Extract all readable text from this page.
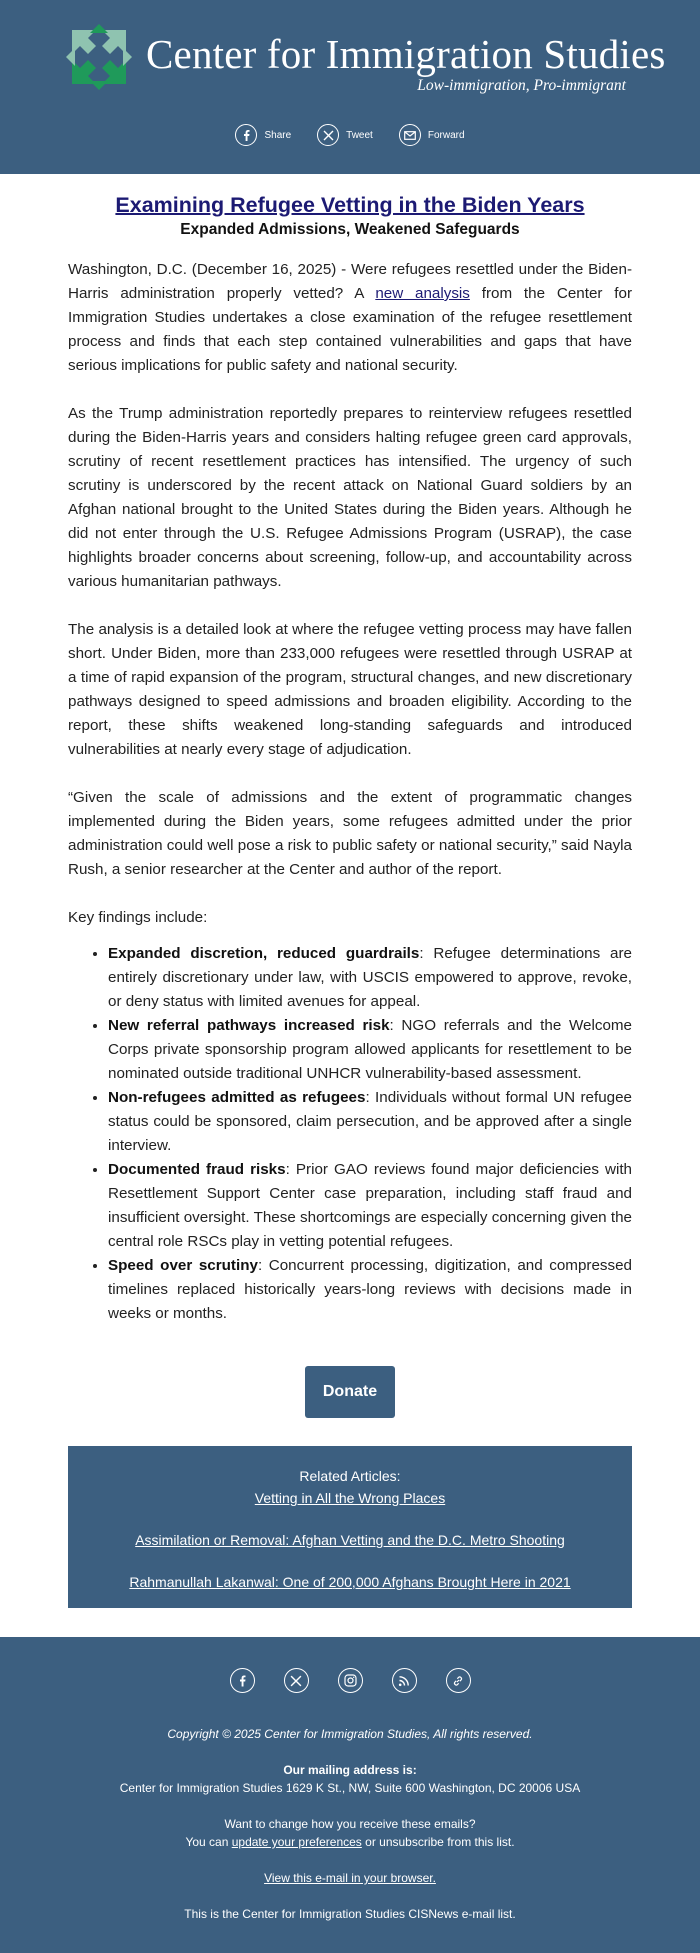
Center for Immigration Studies
Low-immigration, Pro-immigrant
Share	Tweet	Forward
Examining Refugee Vetting in the Biden Years
Expanded Admissions, Weakened Safeguards

Washington, D.C. (December 16, 2025) - Were refugees resettled under the Biden-Harris administration properly vetted? A new analysis from the Center for Immigration Studies undertakes a close examination of the refugee resettlement process and finds that each step contained vulnerabilities and gaps that have serious implications for public safety and national security.

As the Trump administration reportedly prepares to reinterview refugees resettled during the Biden-Harris years and considers halting refugee green card approvals, scrutiny of recent resettlement practices has intensified. The urgency of such scrutiny is underscored by the recent attack on National Guard soldiers by an Afghan national brought to the United States during the Biden years. Although he did not enter through the U.S. Refugee Admissions Program (USRAP), the case highlights broader concerns about screening, follow-up, and accountability across various humanitarian pathways.

The analysis is a detailed look at where the refugee vetting process may have fallen short. Under Biden, more than 233,000 refugees were resettled through USRAP at a time of rapid expansion of the program, structural changes, and new discretionary pathways designed to speed admissions and broaden eligibility. According to the report, these shifts weakened long-standing safeguards and introduced vulnerabilities at nearly every stage of adjudication.

“Given the scale of admissions and the extent of programmatic changes implemented during the Biden years, some refugees admitted under the prior administration could well pose a risk to public safety or national security,” said Nayla Rush, a senior researcher at the Center and author of the report.

Key findings include:

• Expanded discretion, reduced guardrails: Refugee determinations are entirely discretionary under law, with USCIS empowered to approve, revoke, or deny status with limited avenues for appeal.
• New referral pathways increased risk: NGO referrals and the Welcome Corps private sponsorship program allowed applicants for resettlement to be nominated outside traditional UNHCR vulnerability-based assessment.
• Non-refugees admitted as refugees: Individuals without formal UN refugee status could be sponsored, claim persecution, and be approved after a single interview.
• Documented fraud risks: Prior GAO reviews found major deficiencies with Resettlement Support Center case preparation, including staff fraud and insufficient oversight. These shortcomings are especially concerning given the central role RSCs play in vetting potential refugees.
• Speed over scrutiny: Concurrent processing, digitization, and compressed timelines replaced historically years-long reviews with decisions made in weeks or months.
Donate
Related Articles:
Vetting in All the Wrong Places
Assimilation or Removal: Afghan Vetting and the D.C. Metro Shooting
Rahmanullah Lakanwal: One of 200,000 Afghans Brought Here in 2021
Copyright © 2025 Center for Immigration Studies, All rights reserved.
Our mailing address is:
Center for Immigration Studies 1629 K St., NW, Suite 600 Washington, DC 20006 USA
Want to change how you receive these emails?
You can update your preferences or unsubscribe from this list.
View this e-mail in your browser.
This is the Center for Immigration Studies CISNews e-mail list.
